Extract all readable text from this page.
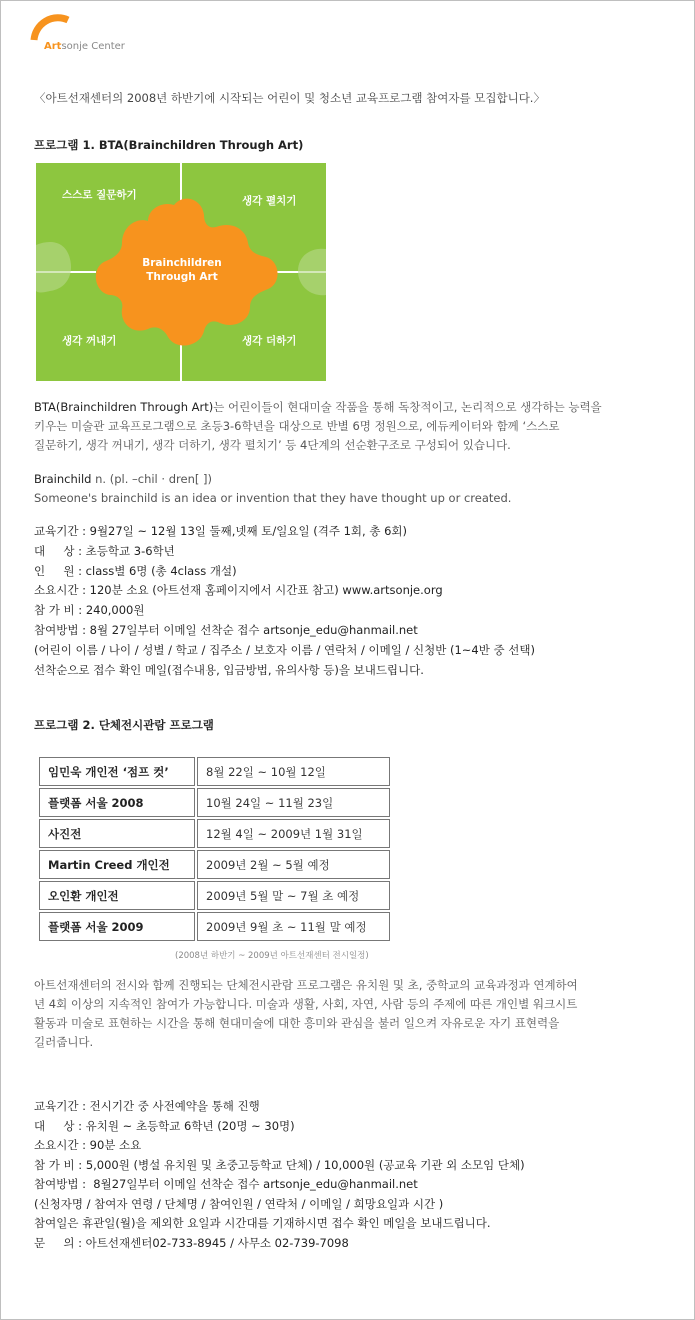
Artsonje Center
〈아트선재센터의 2008년 하반기에 시작되는 어린이 및 청소년 교육프로그램 참여자를 모집합니다.〉
프로그램 1. BTA(Brainchildren Through Art)
스스로 질문하기	생각 펼치기
생각 꺼내기	생각 더하기
Brainchildren
Through Art
BTA(Brainchildren Through Art)는 어린이들이 현대미술 작품을 통해 독창적이고, 논리적으로 생각하는 능력을
키우는 미술관 교육프로그램으로 초등3-6학년을 대상으로 반별 6명 정원으로, 에듀케이터와 함께 ‘스스로
질문하기, 생각 꺼내기, 생각 더하기, 생각 펼치기’ 등 4단계의 선순환구조로 구성되어 있습니다.
Brainchild n. (pl. –chil · dren[ ])
Someone's brainchild is an idea or invention that they have thought up or created.
교육기간 : 9월27일 ~ 12월 13일 둘째,넷째 토/일요일 (격주 1회, 총 6회)
대     상 : 초등학교 3-6학년
인     원 : class별 6명 (총 4class 개설)
소요시간 : 120분 소요 (아트선재 홈페이지에서 시간표 참고) www.artsonje.org
참 가 비 : 240,000원
참여방법 : 8월 27일부터 이메일 선착순 접수 artsonje_edu@hanmail.net
(어린이 이름 / 나이 / 성별 / 학교 / 집주소 / 보호자 이름 / 연락처 / 이메일 / 신청반 (1~4반 중 선택)
선착순으로 접수 확인 메일(접수내용, 입금방법, 유의사항 등)을 보내드립니다.
프로그램 2. 단체전시관람 프로그램
임민욱 개인전 ‘점프 컷’	8월 22일 ~ 10월 12일
플랫폼 서울 2008	10월 24일 ~ 11월 23일
사진전	12월 4일 ~ 2009년 1월 31일
Martin Creed 개인전	2009년 2월 ~ 5월 예정
오인환 개인전	2009년 5월 말 ~ 7월 초 예정
플랫폼 서울 2009	2009년 9월 초 ~ 11월 말 예정
(2008년 하반기 ~ 2009년 아트선재센터 전시일정)
아트선재센터의 전시와 함께 진행되는 단체전시관람 프로그램은 유치원 및 초, 중학교의 교육과정과 연계하여
년 4회 이상의 지속적인 참여가 가능합니다. 미술과 생활, 사회, 자연, 사람 등의 주제에 따른 개인별 워크시트
활동과 미술로 표현하는 시간을 통해 현대미술에 대한 흥미와 관심을 불러 일으켜 자유로운 자기 표현력을
길러줍니다.
교육기간 : 전시기간 중 사전예약을 통해 진행
대     상 : 유치원 ~ 초등학교 6학년 (20명 ~ 30명)
소요시간 : 90분 소요
참 가 비 : 5,000원 (병설 유치원 및 초중고등학교 단체) / 10,000원 (공교육 기관 외 소모임 단체)
참여방법 :  8월27일부터 이메일 선착순 접수 artsonje_edu@hanmail.net
(신청자명 / 참여자 연령 / 단체명 / 참여인원 / 연락처 / 이메일 / 희망요일과 시간 )
참여일은 휴관일(월)을 제외한 요일과 시간대를 기재하시면 접수 확인 메일을 보내드립니다.
문     의 : 아트선재센터02-733-8945 / 사무소 02-739-7098
